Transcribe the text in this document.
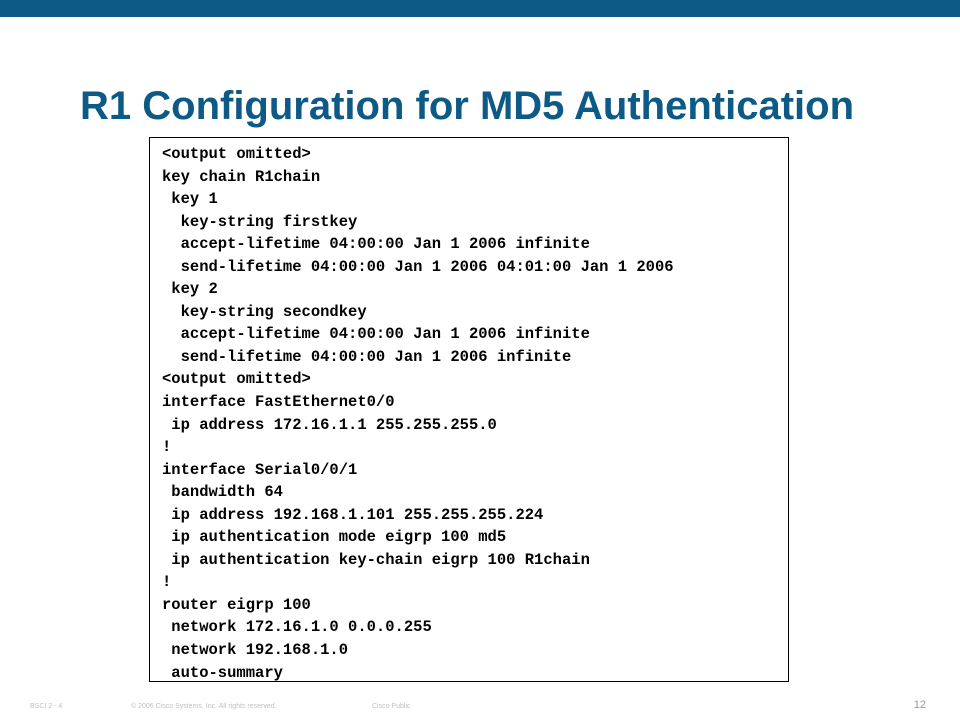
R1 Configuration for MD5 Authentication
<output omitted>
key chain R1chain
key 1
key-string firstkey
accept-lifetime 04:00:00 Jan 1 2006 infinite
send-lifetime 04:00:00 Jan 1 2006 04:01:00 Jan 1 2006
key 2
key-string secondkey
accept-lifetime 04:00:00 Jan 1 2006 infinite
send-lifetime 04:00:00 Jan 1 2006 infinite
<output omitted>
interface FastEthernet0/0
ip address 172.16.1.1 255.255.255.0
!
interface Serial0/0/1
bandwidth 64
ip address 192.168.1.101 255.255.255.224
ip authentication mode eigrp 100 md5
ip authentication key-chain eigrp 100 R1chain
!
router eigrp 100
network 172.16.1.0 0.0.0.255
network 192.168.1.0
auto-summary
BSCI 2 - 4	© 2006 Cisco Systems, Inc. All rights reserved.	Cisco Public	12
